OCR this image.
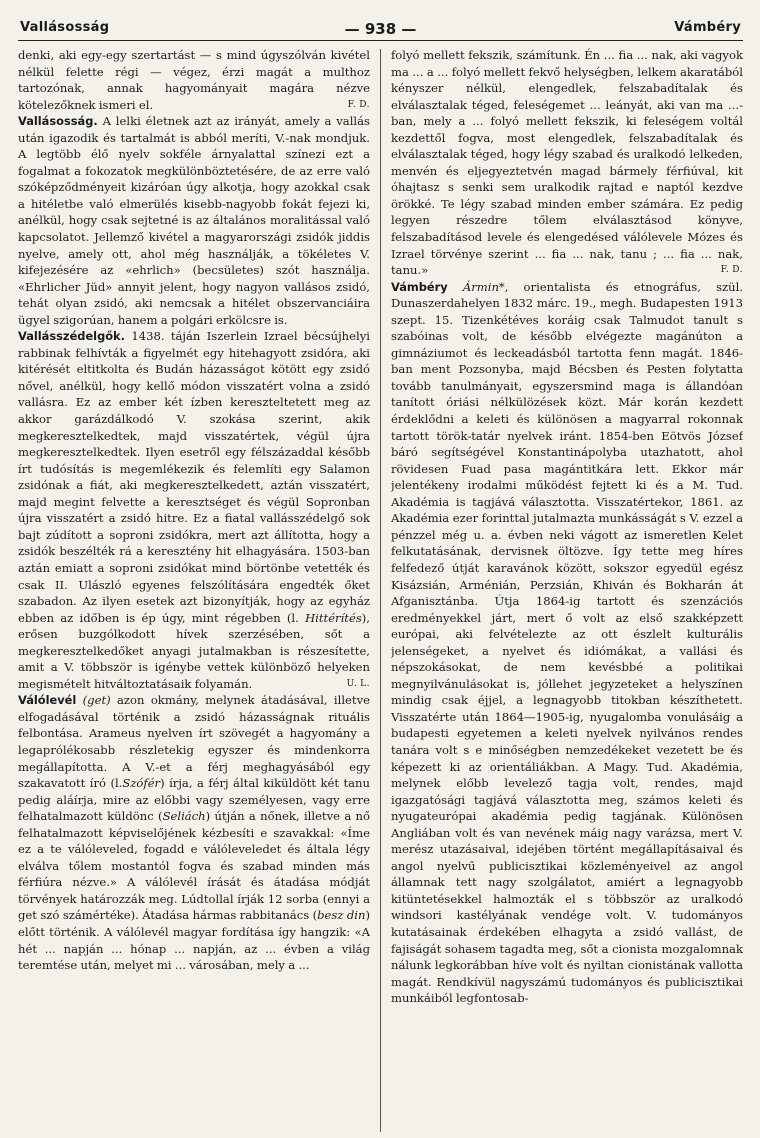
Vallásosság	— 938 —	Vámbéry

denki, aki egy-egy szertartást — s mind úgyszólván kivétel nélkül felette régi — végez, érzi magát a multhoz tartozónak, annak hagyományait magára nézve kötelezőknek ismeri el.	F. D.

Vallásosság. A lelki életnek azt az irányát, amely a vallás után igazodik és tartalmát is abból meríti, V.-nak mondjuk. A legtöbb élő nyelv sokféle árnyalattal színezi ezt a fogalmat a fokozatok megkülönböztetésére, de az erre való szóképződményeit kizáróan úgy alkotja, hogy azokkal csak a hitéletbe való elmerülés kisebb-nagyobb fokát fejezi ki, anélkül, hogy csak sejtetné is az általános moralitással való kapcsolatot. Jellemző kivétel a magyarországi zsidók jiddis nyelve, amely ott, ahol még használják, a tökéletes V. kifejezésére az «ehrlich» (becsületes) szót használja. «Ehrlicher Jüd» annyit jelent, hogy nagyon vallásos zsidó, tehát olyan zsidó, aki nemcsak a hitélet obszervanciáira ügyel szigorúan, hanem a polgári erkölcsre is.

Vallásszédelgők. 1438. táján Iszerlein Izrael bécsújhelyi rabbinak felhívták a figyelmét egy hitehagyott zsidóra, aki kitérését eltitkolta és Budán házasságot kötött egy zsidó nővel, anélkül, hogy kellő módon visszatért volna a zsidó vallásra. Ez az ember két ízben kereszteltetett meg az akkor garázdálkodó V. szokása szerint, akik megkeresztelkedtek, majd visszatértek, végül újra megkeresztelkedtek. Ilyen esetről egy félszázaddal később írt tudósítás is megemlékezik és felemlíti egy Salamon zsidónak a fiát, aki megkeresztelkedett, aztán visszatért, majd megint felvette a keresztséget és végül Sopronban újra visszatért a zsidó hitre. Ez a fiatal vallásszédelgő sok bajt zúdított a soproni zsidókra, mert azt állította, hogy a zsidók beszélték rá a keresztény hit elhagyására. 1503-ban aztán emiatt a soproni zsidókat mind börtönbe vetették és csak II. Ulászló egyenes felszólítására engedték őket szabadon. Az ilyen esetek azt bizonyítják, hogy az egyház ebben az időben is ép úgy, mint régebben (l. Hittérítés), erősen buzgólkodott hívek szerzésében, sőt a megkeresztelkedőket anyagi jutalmakban is részesítette, amit a V. többször is igénybe vettek különböző helyeken megismételt hitváltoztatásaik folyamán.	U. L.

Válólevél (get) azon okmány, melynek átadásával, illetve elfogadásával történik a zsidó házasságnak rituális felbontása. Arameus nyelven írt szövegét a hagyomány a legaprólékosabb részletekig egyszer és mindenkorra megállapította. A V.-et a férj meghagyásából egy szakavatott író (l.Szófér) írja, a férj által kiküldött két tanu pedig aláírja, mire az előbbi vagy személyesen, vagy erre felhatalmazott küldönc (Seliách) útján a nőnek, illetve a nő felhatalmazott képviselőjének kézbesíti e szavakkal: «Íme ez a te válóleveled, fogadd e válóleveledet és általa légy elválva tőlem mostantól fogva és szabad minden más férfiúra nézve.» A válólevél írását és átadása módját törvények határozzák meg. Lúdtollal írják 12 sorba (ennyi a get szó számértéke). Átadása hármas rabbitanács (besz din) előtt történik. A válólevél magyar fordítása így hangzik: «A hét ... napján ... hónap ... napján, az ... évben a világ teremtése után, melyet mi ... városában, mely a ...

folyó mellett fekszik, számítunk. Én ... fia ... nak, aki vagyok ma ... a ... folyó mellett fekvő helységben, lelkem akaratából kényszer nélkül, elengedlek, felszabadítalak és elválasztalak téged, feleségemet ... leányát, aki van ma ...-ban, mely a ... folyó mellett fekszik, ki feleségem voltál kezdettől fogva, most elengedlek, felszabadítalak és elválasztalak téged, hogy légy szabad és uralkodó lelkeden, menvén és eljegyeztetvén magad bármely férfiúval, kit óhajtasz s senki sem uralkodik rajtad e naptól kezdve örökké. Te légy szabad minden ember számára. Ez pedig legyen részedre tőlem elválasztásod könyve, felszabadításod levele és elengedésed válólevele Mózes és Izrael törvénye szerint ... fia ... nak, tanu ; ... fia ... nak, tanu.»	F. D.

Vámbéry Ármin*, orientalista és etnográfus, szül. Dunaszerdahelyen 1832 márc. 19., megh. Budapesten 1913 szept. 15. Tizenkétéves koráig csak Talmudot tanult s szabóinas volt, de később elvégezte magánúton a gimnáziumot és leckeadásból tartotta fenn magát. 1846-ban ment Pozsonyba, majd Bécsben és Pesten folytatta tovább tanulmányait, egyszersmind maga is állandóan tanított óriási nélkülözések közt. Már korán kezdett érdeklődni a keleti és különösen a magyarral rokonnak tartott török-tatár nyelvek iránt. 1854-ben Eötvös József báró segítségével Konstantinápolyba utazhatott, ahol rövidesen Fuad pasa magántitkára lett. Ekkor már jelentékeny irodalmi működést fejtett ki és a M. Tud. Akadémia is tagjává választotta. Visszatértekor, 1861. az Akadémia ezer forinttal jutalmazta munkásságát s V. ezzel a pénzzel még u. a. évben neki vágott az ismeretlen Kelet felkutatásának, dervisnek öltözve. Így tette meg híres felfedező útját karavánok között, sokszor egyedül egész Kisázsián, Arménián, Perzsián, Khiván és Bokharán át Afganisztánba. Útja 1864-ig tartott és szenzációs eredményekkel járt, mert ő volt az első szakképzett európai, aki felvételezte az ott észlelt kulturális jelenségeket, a nyelvet és idiómákat, a vallási és népszokásokat, de nem kevésbbé a politikai megnyilvánulásokat is, jóllehet jegyzeteket a helyszínen mindig csak éjjel, a legnagyobb titokban készíthetett. Visszatérte után 1864—1905-ig, nyugalomba vonulásáig a budapesti egyetemen a keleti nyelvek nyilvános rendes tanára volt s e minőségben nemzedékeket vezetett be és képezett ki az orientáliákban. A Magy. Tud. Akadémia, melynek előbb levelező tagja volt, rendes, majd igazgatósági tagjává választotta meg, számos keleti és nyugateurópai akadémia pedig tagjának. Különösen Angliában volt és van nevének máig nagy varázsa, mert V. merész utazásaival, idejében történt megállapításaival és angol nyelvű publicisztikai közleményeivel az angol államnak tett nagy szolgálatot, amiért a legnagyobb kitüntetésekkel halmozták el s többször az uralkodó windsori kastélyának vendége volt. V. tudományos kutatásainak érdekében elhagyta a zsidó vallást, de fajiságát sohasem tagadta meg, sőt a cionista mozgalomnak nálunk legkorábban híve volt és nyiltan cionistának vallotta magát. Rendkívül nagyszámú tudományos és publicisztikai munkáiból legfontosab-
